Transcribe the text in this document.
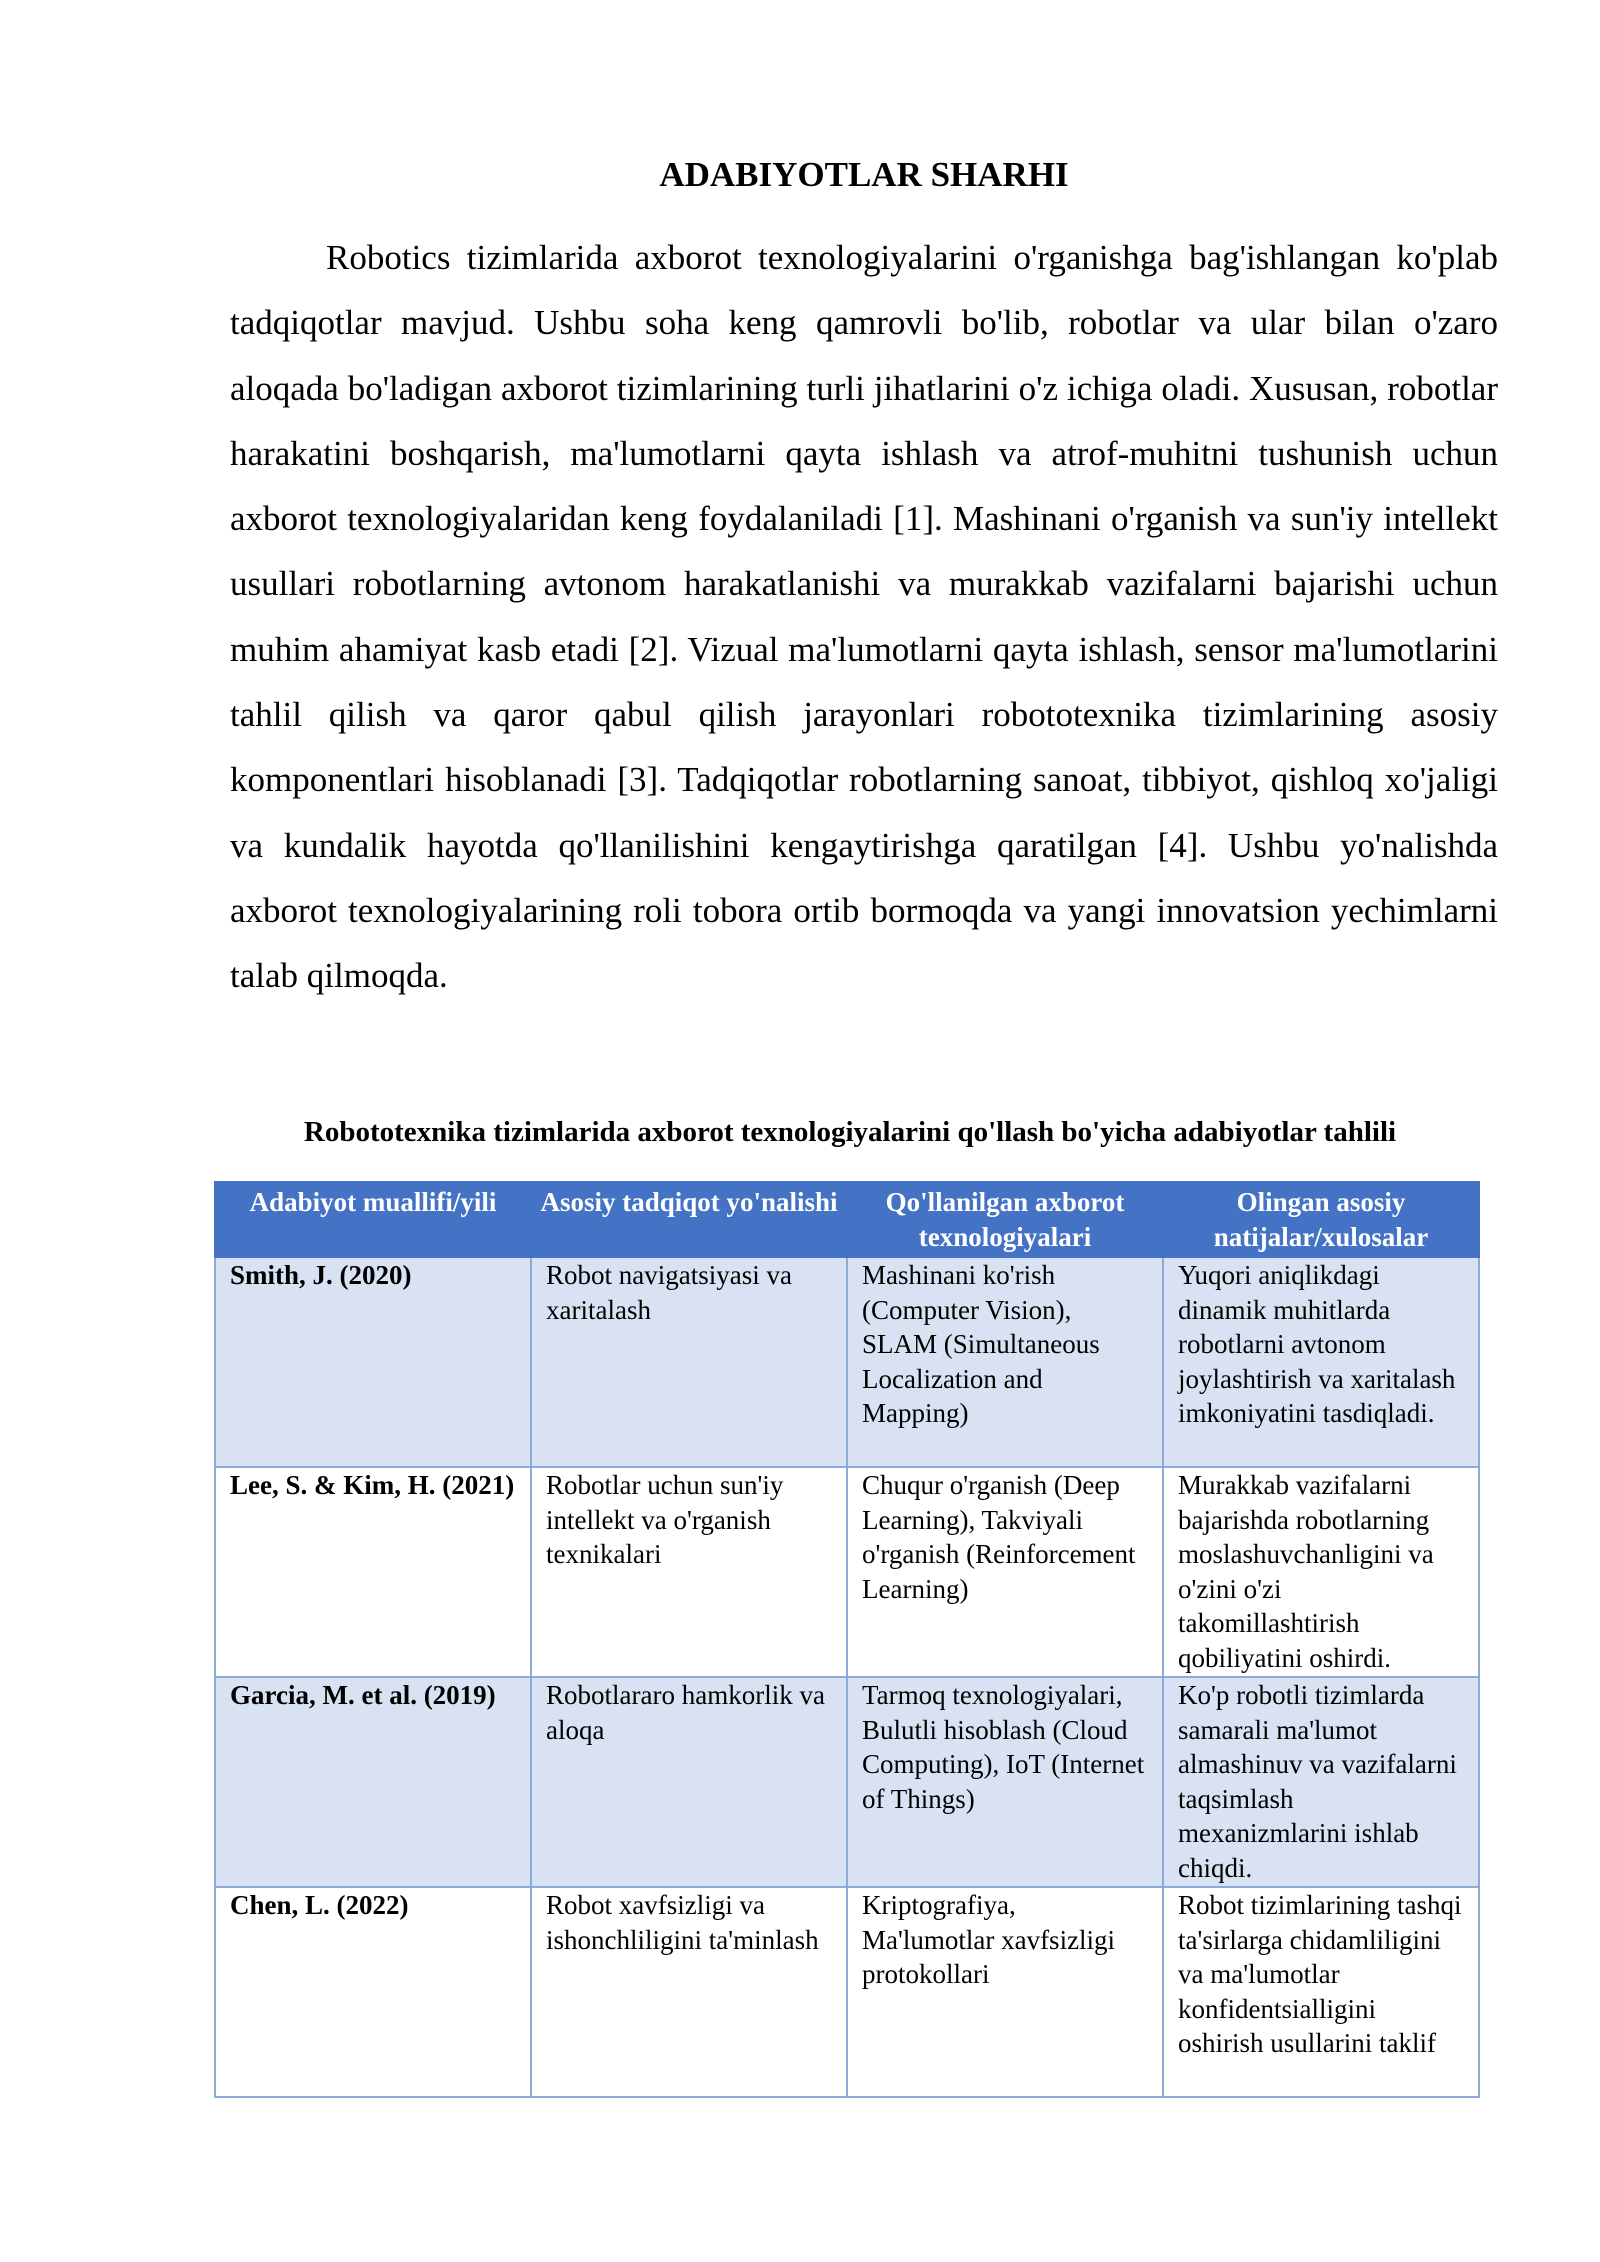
ADABIYOTLAR SHARHI

Robotics tizimlarida axborot texnologiyalarini o'rganishga bag'ishlangan ko'plab tadqiqotlar mavjud. Ushbu soha keng qamrovli bo'lib, robotlar va ular bilan o'zaro aloqada bo'ladigan axborot tizimlarining turli jihatlarini o'z ichiga oladi. Xususan, robotlar harakatini boshqarish, ma'lumotlarni qayta ishlash va atrof-muhitni tushunish uchun axborot texnologiyalaridan keng foydalaniladi [1]. Mashinani o'rganish va sun'iy intellekt usullari robotlarning avtonom harakatlanishi va murakkab vazifalarni bajarishi uchun muhim ahamiyat kasb etadi [2]. Vizual ma'lumotlarni qayta ishlash, sensor ma'lumotlarini tahlil qilish va qaror qabul qilish jarayonlari robototexnika tizimlarining asosiy komponentlari hisoblanadi [3]. Tadqiqotlar robotlarning sanoat, tibbiyot, qishloq xo'jaligi va kundalik hayotda qo'llanilishini kengaytirishga qaratilgan [4]. Ushbu yo'nalishda axborot texnologiyalarining roli tobora ortib bormoqda va yangi innovatsion yechimlarni talab qilmoqda.

Robototexnika tizimlarida axborot texnologiyalarini qo'llash bo'yicha adabiyotlar tahlili

Adabiyot muallifi/yili	Asosiy tadqiqot yo'nalishi	Qo'llanilgan axborot texnologiyalari	Olingan asosiy natijalar/xulosalar
Smith, J. (2020)	Robot navigatsiyasi va xaritalash	Mashinani ko'rish (Computer Vision), SLAM (Simultaneous Localization and Mapping)	Yuqori aniqlikdagi dinamik muhitlarda robotlarni avtonom joylashtirish va xaritalash imkoniyatini tasdiqladi.
Lee, S. & Kim, H. (2021)	Robotlar uchun sun'iy intellekt va o'rganish texnikalari	Chuqur o'rganish (Deep Learning), Takviyali o'rganish (Reinforcement Learning)	Murakkab vazifalarni bajarishda robotlarning moslashuvchanligini va o'zini o'zi takomillashtirish qobiliyatini oshirdi.
Garcia, M. et al. (2019)	Robotlararo hamkorlik va aloqa	Tarmoq texnologiyalari, Bulutli hisoblash (Cloud Computing), IoT (Internet of Things)	Ko'p robotli tizimlarda samarali ma'lumot almashinuv va vazifalarni taqsimlash mexanizmlarini ishlab chiqdi.
Chen, L. (2022)	Robot xavfsizligi va ishonchliligini ta'minlash	Kriptografiya, Ma'lumotlar xavfsizligi protokollari	Robot tizimlarining tashqi ta'sirlarga chidamliligini va ma'lumotlar konfidentsialligini oshirish usullarini taklif
